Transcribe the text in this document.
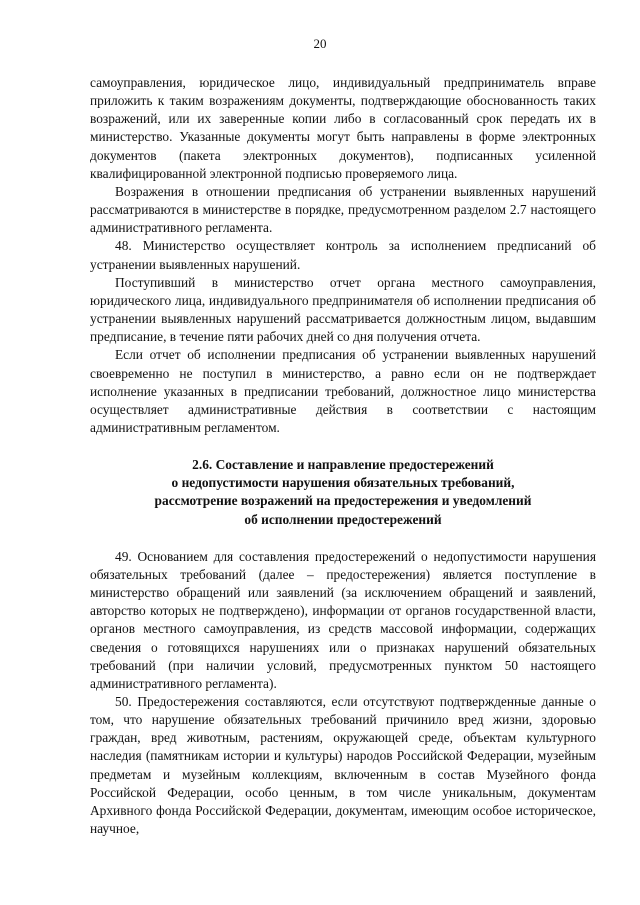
20

самоуправления, юридическое лицо, индивидуальный предприниматель вправе приложить к таким возражениям документы, подтверждающие обоснованность таких возражений, или их заверенные копии либо в согласованный срок передать их в министерство. Указанные документы могут быть направлены в форме электронных документов (пакета электронных документов), подписанных усиленной квалифицированной электронной подписью проверяемого лица.

Возражения в отношении предписания об устранении выявленных нарушений рассматриваются в министерстве в порядке, предусмотренном разделом 2.7 настоящего административного регламента.

48. Министерство осуществляет контроль за исполнением предписаний об устранении выявленных нарушений.

Поступивший в министерство отчет органа местного самоуправления, юридического лица, индивидуального предпринимателя об исполнении предписания об устранении выявленных нарушений рассматривается должностным лицом, выдавшим предписание, в течение пяти рабочих дней со дня получения отчета.

Если отчет об исполнении предписания об устранении выявленных нарушений своевременно не поступил в министерство, а равно если он не подтверждает исполнение указанных в предписании требований, должностное лицо министерства осуществляет административные действия в соответствии с настоящим административным регламентом.

2.6. Составление и направление предостережений
о недопустимости нарушения обязательных требований,
рассмотрение возражений на предостережения и уведомлений
об исполнении предостережений

49. Основанием для составления предостережений о недопустимости нарушения обязательных требований (далее – предостережения) является поступление в министерство обращений или заявлений (за исключением обращений и заявлений, авторство которых не подтверждено), информации от органов государственной власти, органов местного самоуправления, из средств массовой информации, содержащих сведения о готовящихся нарушениях или о признаках нарушений обязательных требований (при наличии условий, предусмотренных пунктом 50 настоящего административного регламента).

50. Предостережения составляются, если отсутствуют подтвержденные данные о том, что нарушение обязательных требований причинило вред жизни, здоровью граждан, вред животным, растениям, окружающей среде, объектам культурного наследия (памятникам истории и культуры) народов Российской Федерации, музейным предметам и музейным коллекциям, включенным в состав Музейного фонда Российской Федерации, особо ценным, в том числе уникальным, документам Архивного фонда Российской Федерации, документам, имеющим особое историческое, научное,
